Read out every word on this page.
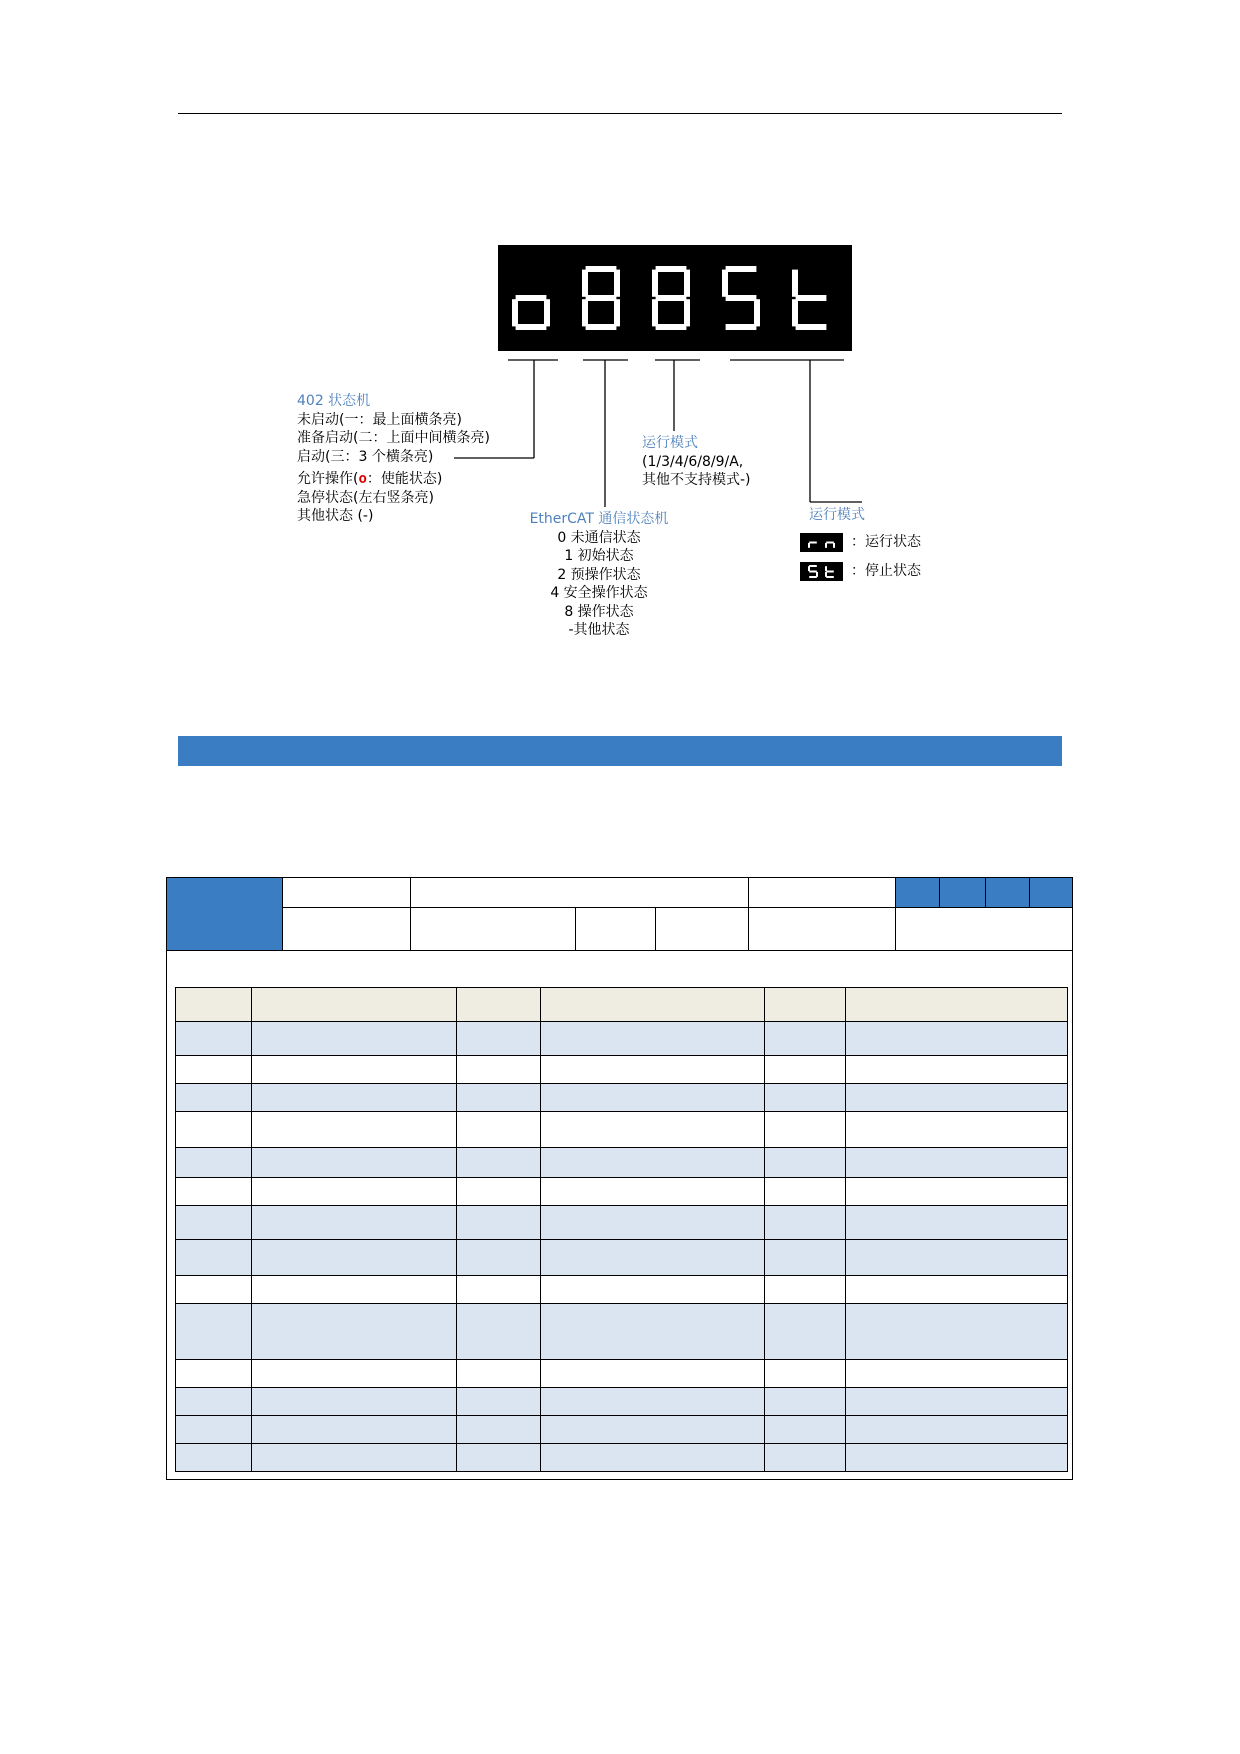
402 状态机
未启动(一：最上面横条亮)
准备启动(二：上面中间横条亮)
启动(三：3 个横条亮)
允许操作(o：使能状态)
急停状态(左右竖条亮)
其他状态 (-)	EtherCAT 通信状态机
0 未通信状态
1 初始状态
2 预操作状态
4 安全操作状态
8 操作状态
-其他状态
运行模式
(1/3/4/6/8/9/A,
其他不支持模式-)
运行模式
：运行状态
：停止状态
